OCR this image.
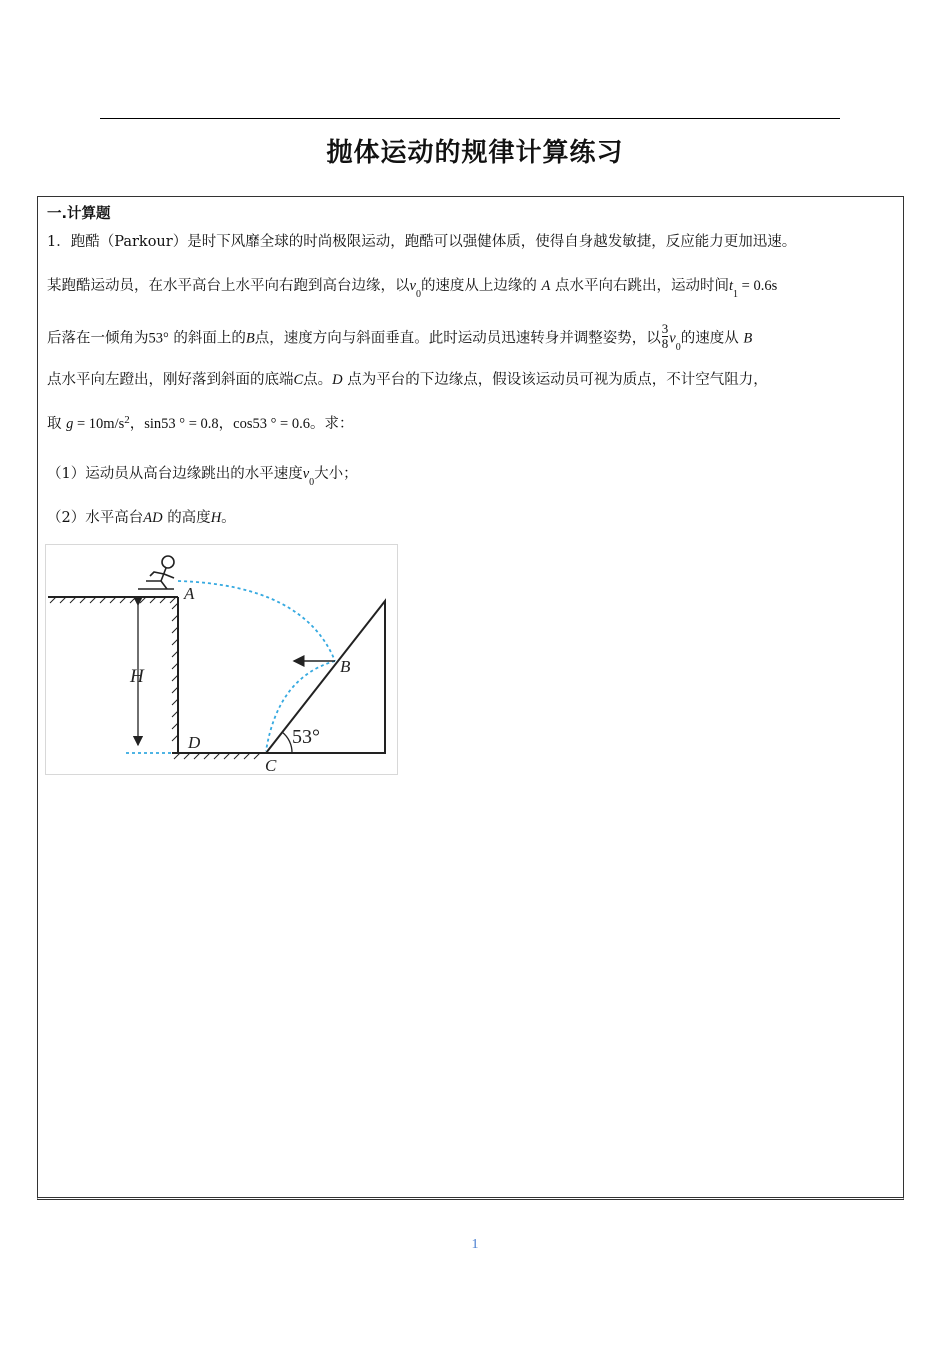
抛体运动的规律计算练习
一.计算题
1．跑酷（Parkour）是时下风靡全球的时尚极限运动，跑酷可以强健体质，使得自身越发敏捷，反应能力更加迅速。
某跑酷运动员，在水平高台上水平向右跑到高台边缘，以$v_0$的速度从上边缘的 A 点水平向右跳出，运动时间$t_1 = 0.6s$
后落在一倾角为53° 的斜面上的B点，速度方向与斜面垂直。此时运动员迅速转身并调整姿势，以 $\frac{3}{8} v_0$的速度从 B
点水平向左蹬出，刚好落到斜面的底端C点。D 点为平台的下边缘点，假设该运动员可视为质点，不计空气阻力，
取 $g = 10m/s^2$，sin53 ° = 0.8，cos53 ° = 0.6。求：
（1）运动员从高台边缘跳出的水平速度$v_0$大小；
（2）水平高台AD 的高度H。
A
B
C
D
H
53°
1
